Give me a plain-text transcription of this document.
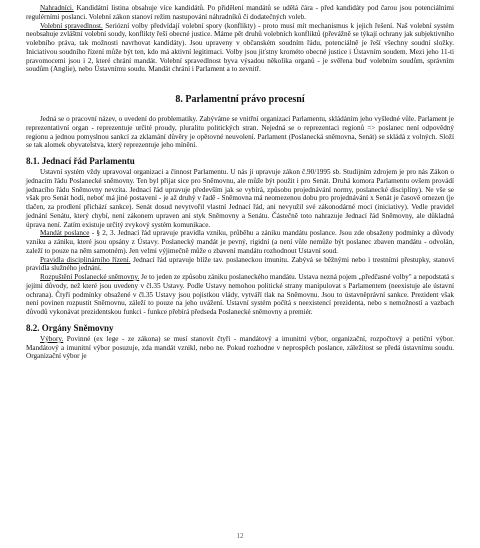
Nahradníci. Kandidátní listina obsahuje více kandidátů. Po přidělení mandátů se udělá čára - před kandidáty pod čarou jsou potenciálními regulérními poslanci. Volební zákon stanoví režim nastupování náhradníků či dodatečných voleb.

Volební spravedlnost. Seriózní volby předvídají volební spory (konflikty) - proto musí mít mechanismus k jejich řešení. Naš volební systém neobsahuje zvláštní volební soudy, konflikty řeší obecné justice. Máme pět druhů volebních konfliktů (převážně se týkají ochrany jak subjektivního volebního práva, tak možnosti navrhovat kandidáty). Jsou upraveny v občanském soudním řádu, potenciálně je řeší všechny soudní složky. Iniciativou soudního řízení může být ten, kdo má aktivní legitimaci. Volby jsou jiťstny krométo obecné justice i Ústavním soudem. Mezi jeho 11-ti pravomocemi jsou i 2, které chrání mandát. Volební spravedlnost byva výsadou několika organů - je svěřena buď volebním soudům, správním soudům (Anglie), nebo Ústavnímu soudu. Mandát chrání i Parlament a to zevnitř.

8. Parlamentní právo procesní

Jedná se o pracovní název, o uvedení do problematiky. Zabýváme se vnitřní organizací Parlamentu, skládáním jeho vyšledné vůle. Parlament je reprezentativní organ - reprezentuje určité proudy, pluralitu politických stran. Nejedná se o reprezentaci regionů => poslanec není odpovědný regionu a jednou pomyslnou sankcí za zklamání důvěry je opětovné neuvolení. Parlament (Poslanecká sněmovna, Senát) se skládá z volných. Složí se tak alomek obyvatelstva, který reprezentuje jeho mínění.

8.1. Jednací řád Parlamentu

Ustavní systém vždy upravoval organizaci a činnost Parlamentu. U nás ji upravuje zákon č.90/1995 sb. Studijním zdrojem je pro nás Zákon o jednacím řádu Poslanecké sněmovny. Ten byl přijat sice pro Sněmovnu, ale může být použit i pro Senát. Druhá komora Parlamentu ovšem provádí jednacího řádu Sněmovny nevzíta. Jednací řád upravuje především jak se vybírá, způsobu projednávání normy, poslanecké disciplíny). Ne vše se však pro Senát hodí, neboť má jiné postavení - je až druhý v řadě - Sněmovna má neomezenou dobu pro projednávání x Senát je časově omezen (je tlačen, za prodlení přichází sankce). Senát dosud nevytvořil vlastní Jednací řád, ani nevyužil své zákonodárné moci (iniciativy). Vedle pravidel jednání Senátu, který chybí, není zákonem upraven ani styk Sněmovny a Senátu. Částečně toto nahrazuje Jednací řád Sněmovny, ale důkladná úprava není. Zatím existuje určitý zvykový systém komunikace.

Mandát poslance - § 2, 3. Jednací řád upravuje pravidla vzniku, průběhu a zániku mandátu poslance. Jsou zde obsaženy podmínky a důvody vzniku a zániku, které jsou opsány z Ústavy. Poslanecký mandát je pevný, rigidní (a není vůle nemůže být poslanec zbaven mandátu - odvolán, zaleží to pouze na něm samotném). Jen velmi výjimečně může o zbavení mandátu rozhodnout Ustavní soud.

Pravidla disciplinárního řízení. Jednací řád upravuje blíže tav. poslaneckou imunitu. Zabývá se běžnými nebo i trestními přestupky, stanoví pravidla služného jednání.

Rozpuštění Poslanecké sněmovny. Je to jeden ze způsobu zániku poslaneckého mandátu. Ustava nezná pojem „předčasné volby" a nepodstatá s jejími důvody, než které jsou uvedeny v čl.35 Ustavy. Podle Ustavy nemohou politické strany manipulovat s Parlamentem (neexistuje ale ústavní ochrana). Čtyři podmínky obsažené v čl.35 Ustavy jsou pojistkou vlády, vytváří tlak na Sněmovnu. Jsou to ústavněprávní sankce. Prezident však není povinen rozpustit Sněmovnu, záleží to pouze na jeho uvážení. Ustavní systém počítá s neexistencí prezidenta, nebo s nemožností a vazbach důvodů vykonávat prezidentskou funkci - funkce přebírá předseda Poslanecké sněmovny a premiér.

8.2. Orgány Sněmovny

Výbory. Povinné (ex lege - ze zákona) se musí stanovit čtyři - mandátový a imunitní výbor, organizační, rozpočtový a petiční výbor. Mandátový a imunitní výbor posuzuje, zda mandát vznikl, nebo ne. Pokud rozhodne v neprospěch poslance, záležitost se předá ústavnímu soudu. Organizační výbor je

12
